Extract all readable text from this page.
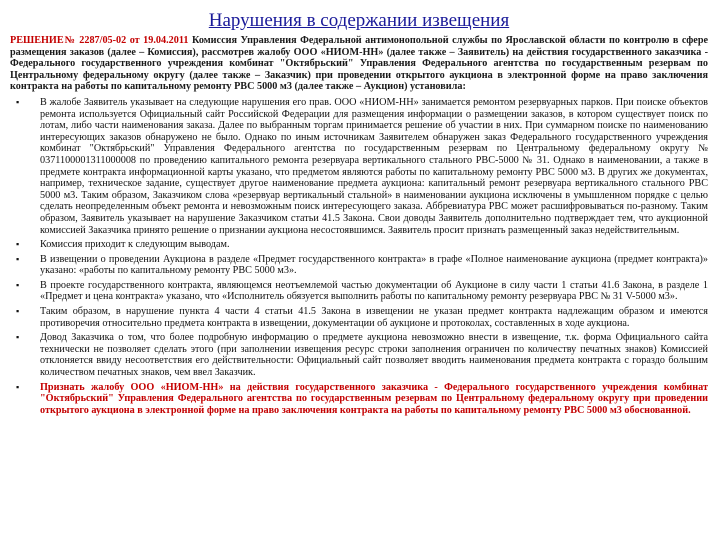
Нарушения в содержании извещения

РЕШЕНИЕ№ 2287/05-02 от 19.04.2011 Комиссия Управления Федеральной антимонопольной службы по Ярославской области по контролю в сфере размещения заказов (далее – Комиссия), рассмотрев жалобу ООО «НИОМ-НН» (далее также – Заявитель) на действия государственного заказчика - Федерального государственного учреждения комбинат "Октябрьский" Управления Федерального агентства по государственным резервам по Центральному федеральному округу (далее также – Заказчик) при проведении открытого аукциона в электронной форме на право заключения контракта на работы по капитальному ремонту РВС 5000 м3 (далее также – Аукцион) установила:

▪ В жалобе Заявитель указывает на следующие нарушения его прав. ООО «НИОМ-НН» занимается ремонтом резервуарных парков. При поиске объектов ремонта используется Официальный сайт Российской Федерации для размещения информации о размещении заказов, в котором существует поиск по лотам, либо части наименования заказа. Далее по выбранным торгам принимается решение об участии в них. При суммарном поиске по наименованию интересующих заказов обнаружено не было. Однако по иным источникам Заявителем обнаружен заказ Федерального государственного учреждения комбинат "Октябрьский" Управления Федерального агентства по государственным резервам по Центральному федеральному округу № 0371100001311000008 по проведению капитального ремонта резервуара вертикального стального РВС-5000 № 31. Однако в наименовании, а также в предмете контракта информационной карты указано, что предметом являются работы по капитальному ремонту РВС 5000 м3. В других же документах, например, техническое задание, существует другое наименование предмета аукциона: капитальный ремонт резервуара вертикального стального РВС 5000 м3. Таким образом, Заказчиком слова «резервуар вертикальный стальной» в наименовании аукциона исключены в умышленном порядке с целью сделать неопределенным объект ремонта и невозможным поиск интересующего заказа. Аббревиатура РВС может расшифровываться по-разному. Таким образом, Заявитель указывает на нарушение Заказчиком статьи 41.5 Закона. Свои доводы Заявитель дополнительно подтверждает тем, что аукционной комиссией Заказчика принято решение о признании аукциона несостоявшимся. Заявитель просит признать размещенный заказ недействительным.
▪ Комиссия приходит к следующим выводам.
▪ В извещении о проведении Аукциона в разделе «Предмет государственного контракта» в графе «Полное наименование аукциона (предмет контракта)» указано: «работы по капитальному ремонту РВС 5000 м3».
▪ В проекте государственного контракта, являющемся неотъемлемой частью документации об Аукционе в силу части 1 статьи 41.6 Закона, в разделе 1 «Предмет и цена контракта» указано, что «Исполнитель обязуется выполнить работы по капитальному ремонту резервуара РВС № 31 V-5000 м3».
▪ Таким образом, в нарушение пункта 4 части 4 статьи 41.5 Закона в извещении не указан предмет контракта надлежащим образом и имеются противоречия относительно предмета контракта в извещении, документации об аукционе и протоколах, составленных в ходе аукциона.
▪ Довод Заказчика о том, что более подробную информацию о предмете аукциона невозможно внести в извещение, т.к. форма Официального сайта технически не позволяет сделать этого (при заполнении извещения ресурс строки заполнения ограничен по количеству печатных знаков) Комиссией отклоняется ввиду несоответствия его действительности: Официальный сайт позволяет вводить наименования предмета контракта с гораздо большим количеством печатных знаков, чем ввел Заказчик.
▪ Признать жалобу ООО «НИОМ-НН» на действия государственного заказчика - Федерального государственного учреждения комбинат "Октябрьский" Управления Федерального агентства по государственным резервам по Центральному федеральному округу при проведении открытого аукциона в электронной форме на право заключения контракта на работы по капитальному ремонту РВС 5000 м3 обоснованной.
